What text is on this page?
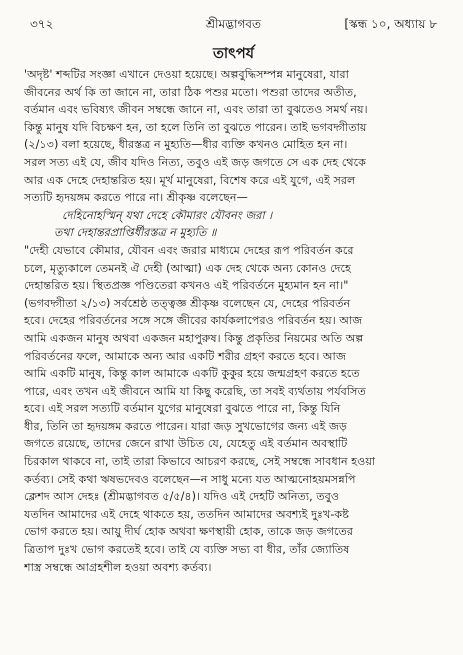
৩৭২	শ্রীমদ্ভাগবত	[স্কন্ধ ১০, অধ্যায় ৮
তাৎপর্য
'অদৃষ্ট' শব্দটির সংজ্ঞা এখানে দেওয়া হয়েছে। অল্পবুদ্ধিসম্পন্ন মানুষেরা, যারা
জীবনের অর্থ কি তা জানে না, তারা ঠিক পশুর মতো। পশুরা তাদের অতীত,
বর্তমান এবং ভবিষ্যৎ জীবন সম্বন্ধে জানে না, এবং তারা তা বুঝতেও সমর্থ নয়।
কিন্তু মানুষ যদি বিচক্ষণ হন, তা হলে তিনি তা বুঝতে পারেন। তাই ভগবদ্গীতায়
(২/১৩) বলা হয়েছে, ধীরস্তত্র ন মুহ্যতি—ধীর ব্যক্তি কখনও মোহিত হন না।
সরল সত্য এই যে, জীব যদিও নিত্য, তবুও এই জড় জগতে সে এক দেহ থেকে
আর এক দেহে দেহান্তরিত হয়। মূর্খ মানুষেরা, বিশেষ করে এই যুগে, এই সরল
সত্যটি হৃদয়ঙ্গম করতে পারে না। শ্রীকৃষ্ণ বলেছেন—
দেহিনোহস্মিন্ যথা দেহে কৌমারং যৌবনং জরা ।
তথা দেহান্তরপ্রাপ্তির্ধীরস্তত্র ন মুহ্যতি ॥
"দেহী যেভাবে কৌমার, যৌবন এবং জরার মাধ্যমে দেহের রূপ পরিবর্তন করে
চলে, মৃত্যুকালে তেমনই ঐ দেহী (আত্মা) এক দেহ থেকে অন্য কোনও দেহে
দেহান্তরিত হয়। স্থিতপ্রজ্ঞ পণ্ডিতেরা কখনও এই পরিবর্তনে মুহ্যমান হন না।"
(ভগবদ্গীতা ২/১৩) সর্বশ্রেষ্ঠ তত্ত্বজ্ঞ শ্রীকৃষ্ণ বলেছেন যে, দেহের পরিবর্তন
হবে। দেহের পরিবর্তনের সঙ্গে সঙ্গে জীবের কার্যকলাপেরও পরিবর্তন হয়। আজ
আমি একজন মানুষ অথবা একজন মহাপুরুষ। কিন্তু প্রকৃতির নিয়মের অতি অল্প
পরিবর্তনের ফলে, আমাকে অন্য আর একটি শরীর গ্রহণ করতে হবে। আজ
আমি একটি মানুষ, কিন্তু কাল আমাকে একটি কুকুর হয়ে জন্মগ্রহণ করতে হতে
পারে, এবং তখন এই জীবনে আমি যা কিছু করেছি, তা সবই ব্যর্থতায় পর্যবসিত
হবে। এই সরল সত্যটি বর্তমান যুগের মানুষেরা বুঝতে পারে না, কিন্তু যিনি
ধীর, তিনি তা হৃদয়ঙ্গম করতে পারেন। যারা জড় সুখভোগের জন্য এই জড়
জগতে রয়েছে, তাদের জেনে রাখা উচিত যে, যেহেতু এই বর্তমান অবস্থাটি
চিরকাল থাকবে না, তাই তারা কিভাবে আচরণ করছে, সেই সম্বন্ধে সাবধান হওয়া
কর্তব্য। সেই কথা ঋষভদেবও বলেছেন—ন সাধু মন্যে যত আত্মনোহয়মসন্নপি
ক্লেশদ আস দেহঃ (শ্রীমদ্ভাগবত ৫/৫/৪)। যদিও এই দেহটি অনিত্য, তবুও
যতদিন আমাদের এই দেহে থাকতে হয়, ততদিন আমাদের অবশ্যই দুঃখ-কষ্ট
ভোগ করতে হয়। আয়ু দীর্ঘ হোক অথবা ক্ষণস্থায়ী হোক, তাকে জড় জগতের
ত্রিতাপ দুঃখ ভোগ করতেই হবে। তাই যে ব্যক্তি সভ্য বা ধীর, তাঁর জ্যোতিষ
শাস্ত্র সম্বন্ধে আগ্রহশীল হওয়া অবশ্য কর্তব্য।
